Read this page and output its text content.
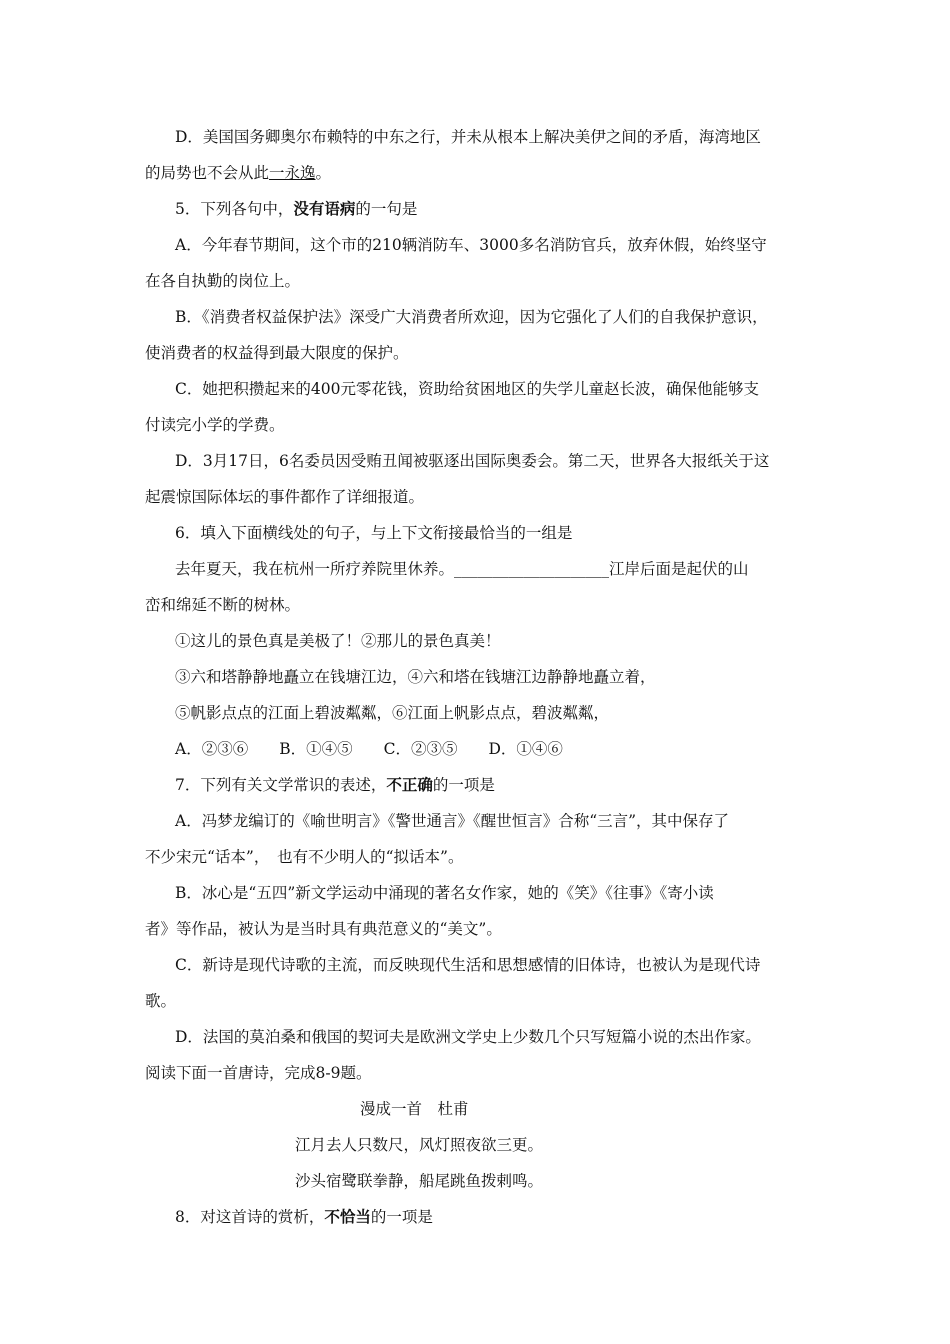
D．美国国务卿奥尔布赖特的中东之行，并未从根本上解决美伊之间的矛盾，海湾地区
的局势也不会从此一永逸。
5．下列各句中，没有语病的一句是
A．今年春节期间，这个市的210辆消防车、3000多名消防官兵，放弃休假，始终坚守
在各自执勤的岗位上。
B．《消费者权益保护法》深受广大消费者所欢迎，因为它强化了人们的自我保护意识，
使消费者的权益得到最大限度的保护。
C．她把积攒起来的400元零花钱，资助给贫困地区的失学儿童赵长波，确保他能够支
付读完小学的学费。
D．3月17日，6名委员因受贿丑闻被驱逐出国际奥委会。第二天，世界各大报纸关于这
起震惊国际体坛的事件都作了详细报道。
6．填入下面横线处的句子，与上下文衔接最恰当的一组是
去年夏天，我在杭州一所疗养院里休养。____________________江岸后面是起伏的山
峦和绵延不断的树林。
①这儿的景色真是美极了！②那儿的景色真美！
③六和塔静静地矗立在钱塘江边，④六和塔在钱塘江边静静地矗立着，
⑤帆影点点的江面上碧波粼粼，⑥江面上帆影点点，碧波粼粼，
A．②③⑥　　B．①④⑤　　C．②③⑤　　D．①④⑥
7．下列有关文学常识的表述，不正确的一项是
A．冯梦龙编订的《喻世明言》《警世通言》《醒世恒言》合称“三言”，其中保存了
不少宋元“话本”，　也有不少明人的“拟话本”。
B．冰心是“五四”新文学运动中涌现的著名女作家，她的《笑》《往事》《寄小读
者》等作品，被认为是当时具有典范意义的“美文”。
C．新诗是现代诗歌的主流，而反映现代生活和思想感情的旧体诗，也被认为是现代诗
歌。
D．法国的莫泊桑和俄国的契诃夫是欧洲文学史上少数几个只写短篇小说的杰出作家。
阅读下面一首唐诗，完成8-9题。
漫成一首　杜甫
江月去人只数尺，风灯照夜欲三更。
沙头宿鹭联拳静，船尾跳鱼拨剌鸣。
8．对这首诗的赏析，不恰当的一项是
